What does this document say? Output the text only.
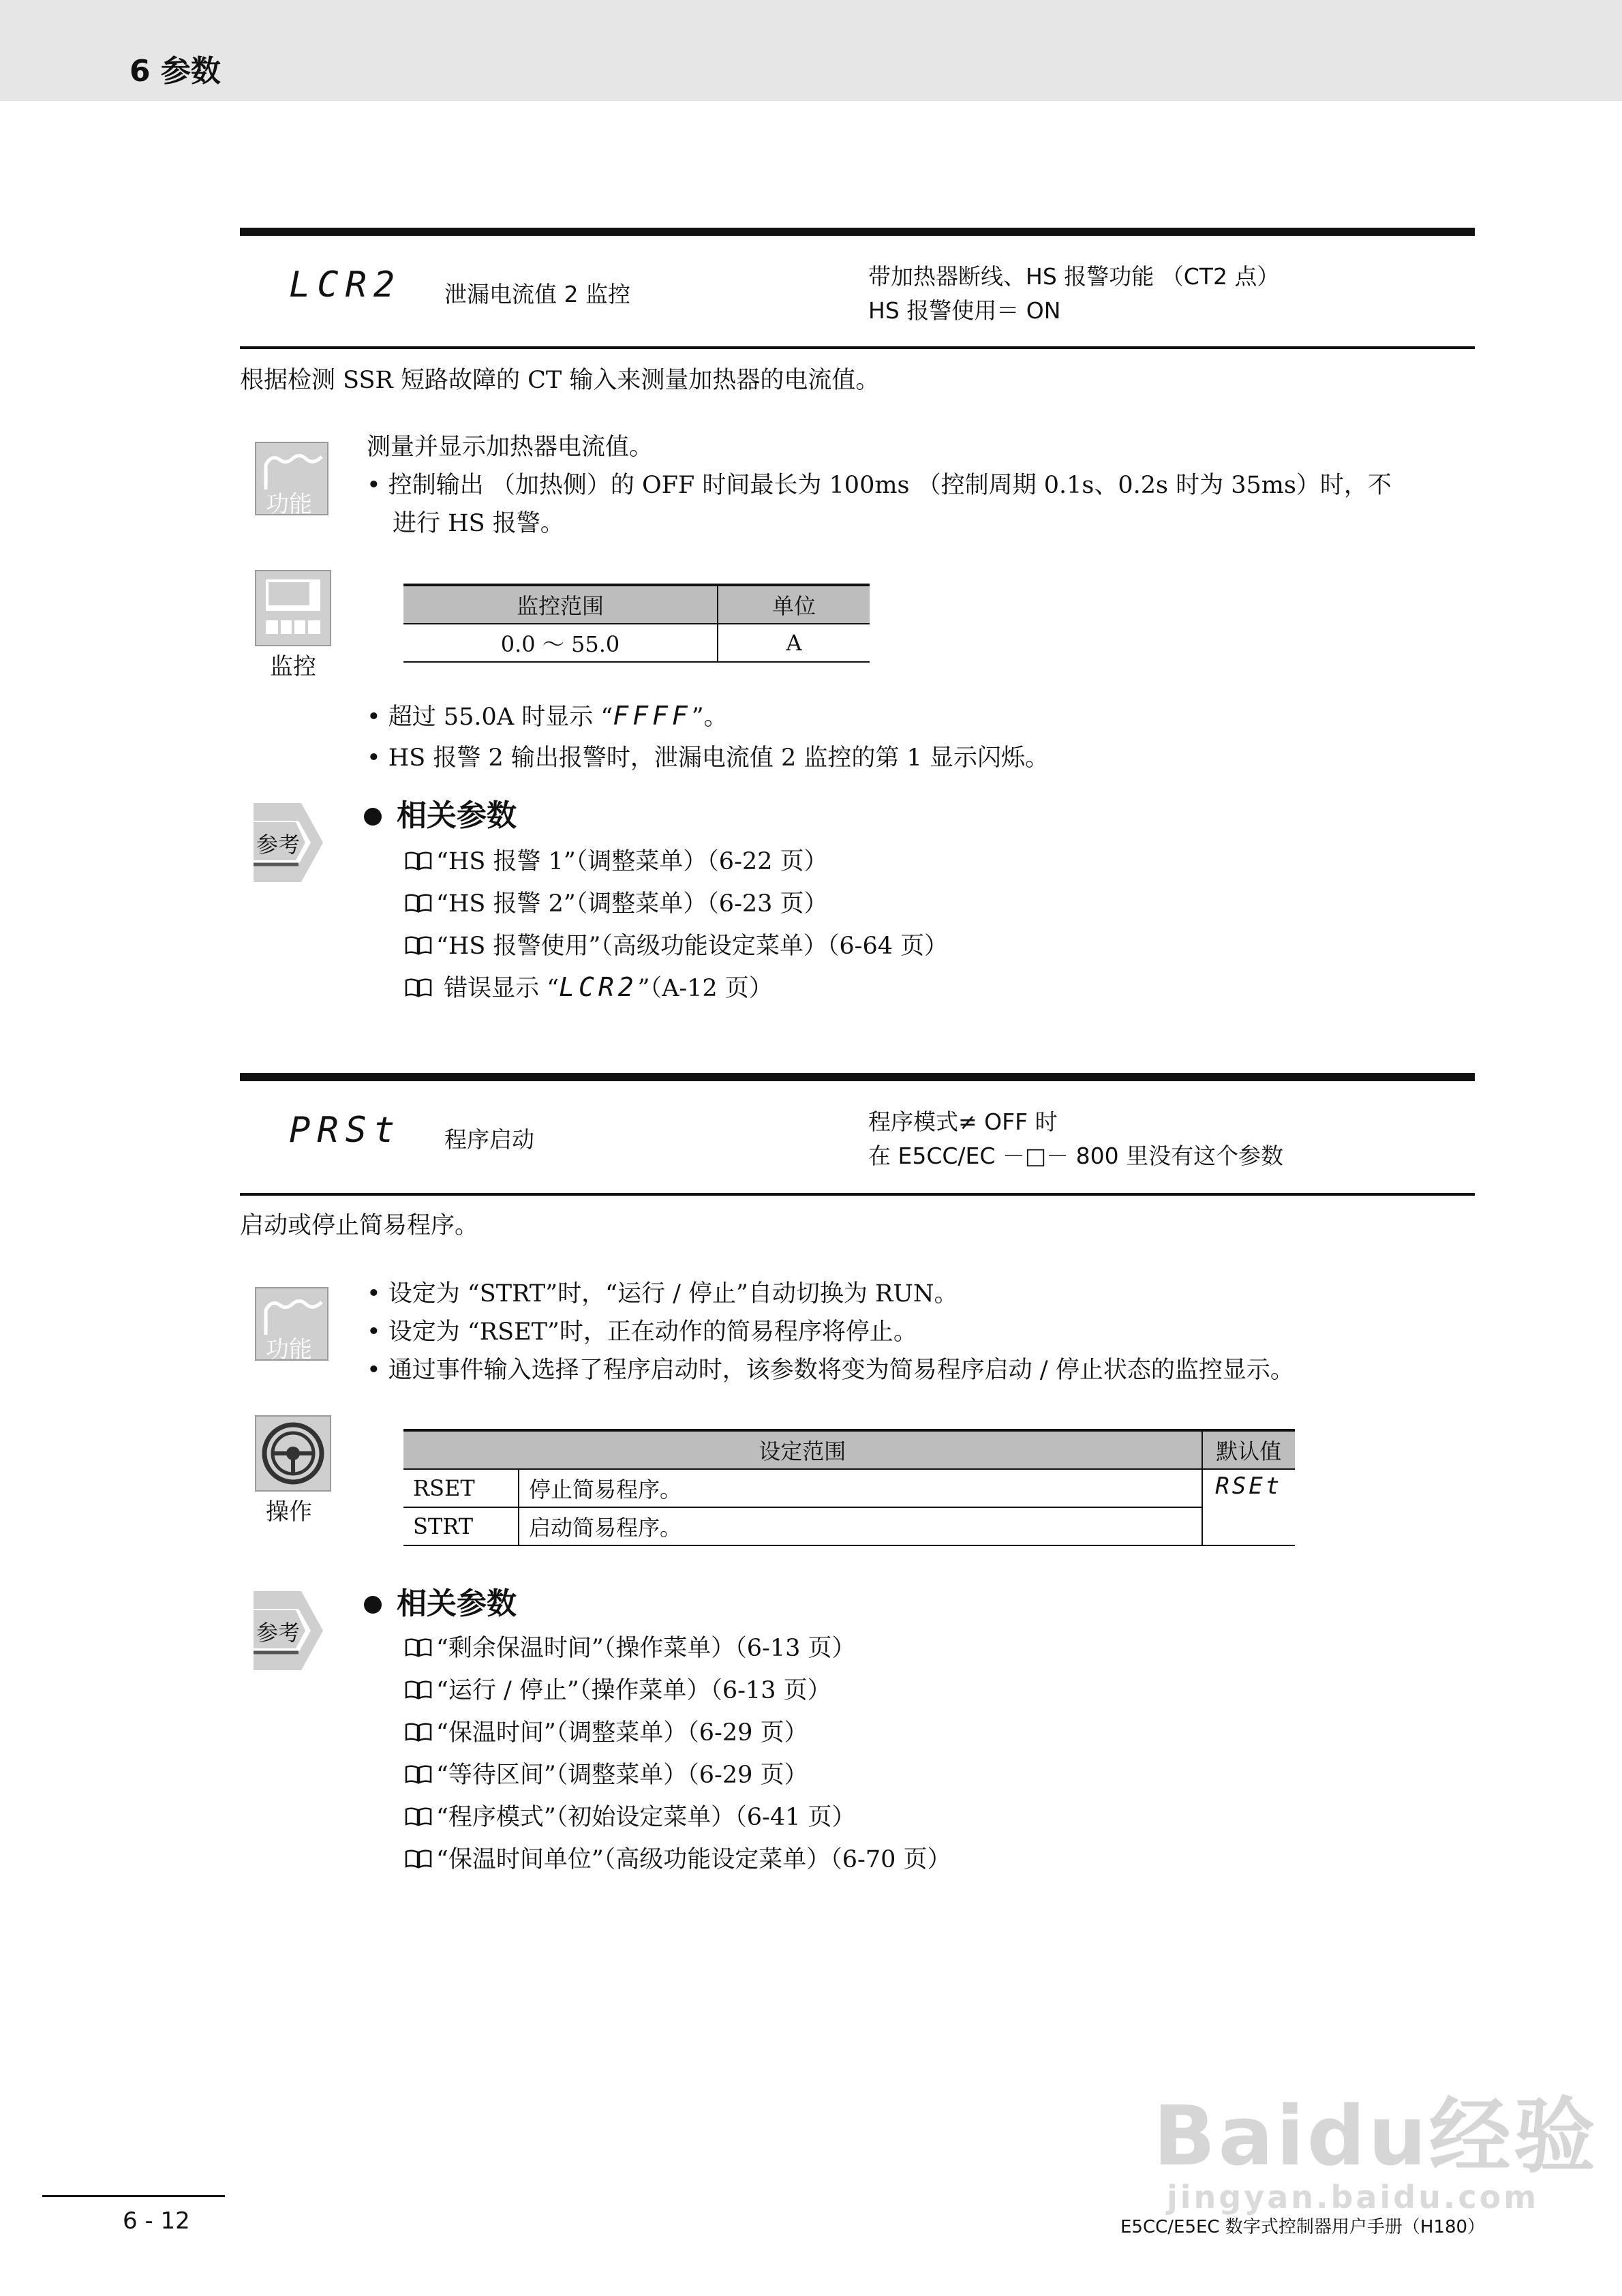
6 参数
LCR2 泄漏电流值 2 监控
带加热器断线、HS 报警功能 （CT2 点）
HS 报警使用＝ ON
根据检测 SSR 短路故障的 CT 输入来测量加热器的电流值。
功能
测量并显示加热器电流值。
• 控制输出 （加热侧）的 OFF 时间最长为 100ms （控制周期 0.1s、0.2s 时为 35ms）时，不
进行 HS 报警。
监控
监控范围	单位
0.0 ～ 55.0	A
• 超过 55.0A 时显示 “FFFF”。
• HS 报警 2 输出报警时，泄漏电流值 2 监控的第 1 显示闪烁。
参考
相关参数
“HS 报警 1”（调整菜单）（6-22 页）
“HS 报警 2”（调整菜单）（6-23 页）
“HS 报警使用”（高级功能设定菜单）（6-64 页）
错误显示 “LCR2”（A-12 页）
PRSt 程序启动
程序模式≠ OFF 时
在 E5CC/EC －□－ 800 里没有这个参数
启动或停止简易程序。
功能
• 设定为 “STRT”时，“运行 / 停止”自动切换为 RUN。
• 设定为 “RSET”时，正在动作的简易程序将停止。
• 通过事件输入选择了程序启动时，该参数将变为简易程序启动 / 停止状态的监控显示。
操作
设定范围		默认值
RSET	停止简易程序。	RSEt
STRT	启动简易程序。	
参考
相关参数
“剩余保温时间”（操作菜单）（6-13 页）
“运行 / 停止”（操作菜单）（6-13 页）
“保温时间”（调整菜单）（6-29 页）
“等待区间”（调整菜单）（6-29 页）
“程序模式”（初始设定菜单）（6-41 页）
“保温时间单位”（高级功能设定菜单）（6-70 页）
Baidu经验
jingyan.baidu.com
6 - 12	E5CC/E5EC 数字式控制器用户手册（H180）
